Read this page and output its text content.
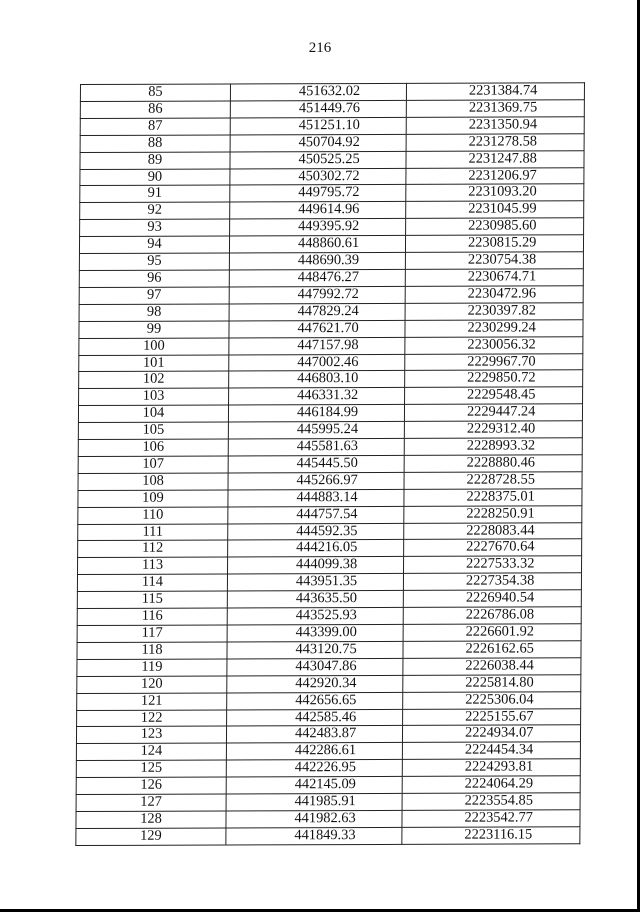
216
85	451632.02	2231384.74
86	451449.76	2231369.75
87	451251.10	2231350.94
88	450704.92	2231278.58
89	450525.25	2231247.88
90	450302.72	2231206.97
91	449795.72	2231093.20
92	449614.96	2231045.99
93	449395.92	2230985.60
94	448860.61	2230815.29
95	448690.39	2230754.38
96	448476.27	2230674.71
97	447992.72	2230472.96
98	447829.24	2230397.82
99	447621.70	2230299.24
100	447157.98	2230056.32
101	447002.46	2229967.70
102	446803.10	2229850.72
103	446331.32	2229548.45
104	446184.99	2229447.24
105	445995.24	2229312.40
106	445581.63	2228993.32
107	445445.50	2228880.46
108	445266.97	2228728.55
109	444883.14	2228375.01
110	444757.54	2228250.91
111	444592.35	2228083.44
112	444216.05	2227670.64
113	444099.38	2227533.32
114	443951.35	2227354.38
115	443635.50	2226940.54
116	443525.93	2226786.08
117	443399.00	2226601.92
118	443120.75	2226162.65
119	443047.86	2226038.44
120	442920.34	2225814.80
121	442656.65	2225306.04
122	442585.46	2225155.67
123	442483.87	2224934.07
124	442286.61	2224454.34
125	442226.95	2224293.81
126	442145.09	2224064.29
127	441985.91	2223554.85
128	441982.63	2223542.77
129	441849.33	2223116.15
